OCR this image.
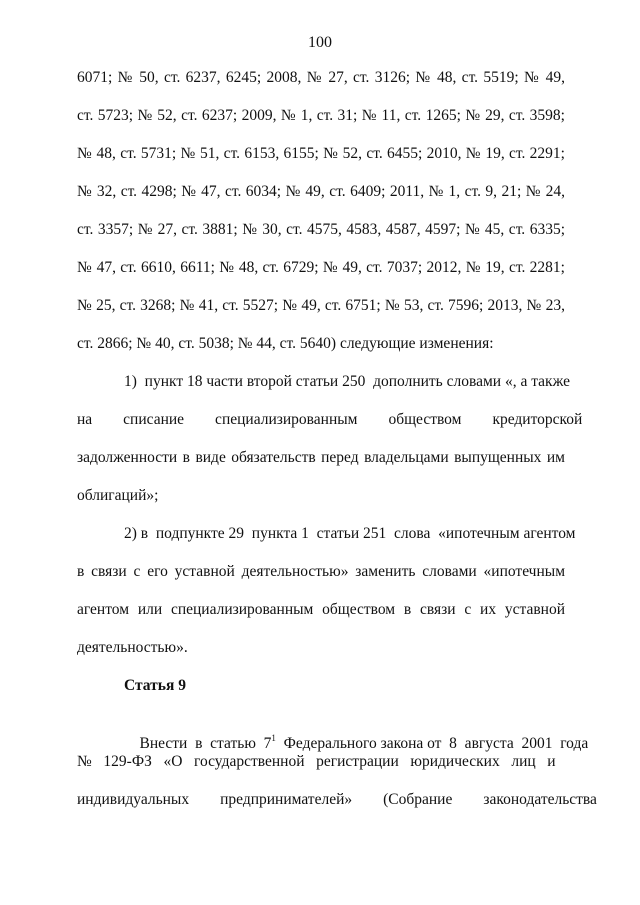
100
6071; № 50, ст. 6237, 6245; 2008, № 27, ст. 3126; № 48, ст. 5519; № 49,
ст. 5723; № 52, ст. 6237; 2009, № 1, ст. 31; № 11, ст. 1265; № 29, ст. 3598;
№ 48, ст. 5731; № 51, ст. 6153, 6155; № 52, ст. 6455; 2010, № 19, ст. 2291;
№ 32, ст. 4298; № 47, ст. 6034; № 49, ст. 6409; 2011, № 1, ст. 9, 21; № 24,
ст. 3357; № 27, ст. 3881; № 30, ст. 4575, 4583, 4587, 4597; № 45, ст. 6335;
№ 47, ст. 6610, 6611; № 48, ст. 6729; № 49, ст. 7037; 2012, № 19, ст. 2281;
№ 25, ст. 3268; № 41, ст. 5527; № 49, ст. 6751; № 53, ст. 7596; 2013, № 23,
ст. 2866; № 40, ст. 5038; № 44, ст. 5640) следующие изменения:
1)  пункт 18 части второй статьи 250  дополнить словами «, а также
на        списание        специализированным        обществом        кредиторской
задолженности в виде обязательств перед владельцами выпущенных им
облигаций»;
2) в  подпункте 29  пункта 1  статьи 251  слова  «ипотечным агентом
в связи с его уставной деятельностью» заменить словами «ипотечным
агентом или специализированным обществом в связи с их уставной
деятельностью».
Статья 9

Внести  в  статью  $7^1$  Федерального закона от  8  августа  2001  года

№   129-ФЗ   «О   государственной   регистрации   юридических   лиц   и
индивидуальных        предпринимателей»        (Собрание        законодательства
